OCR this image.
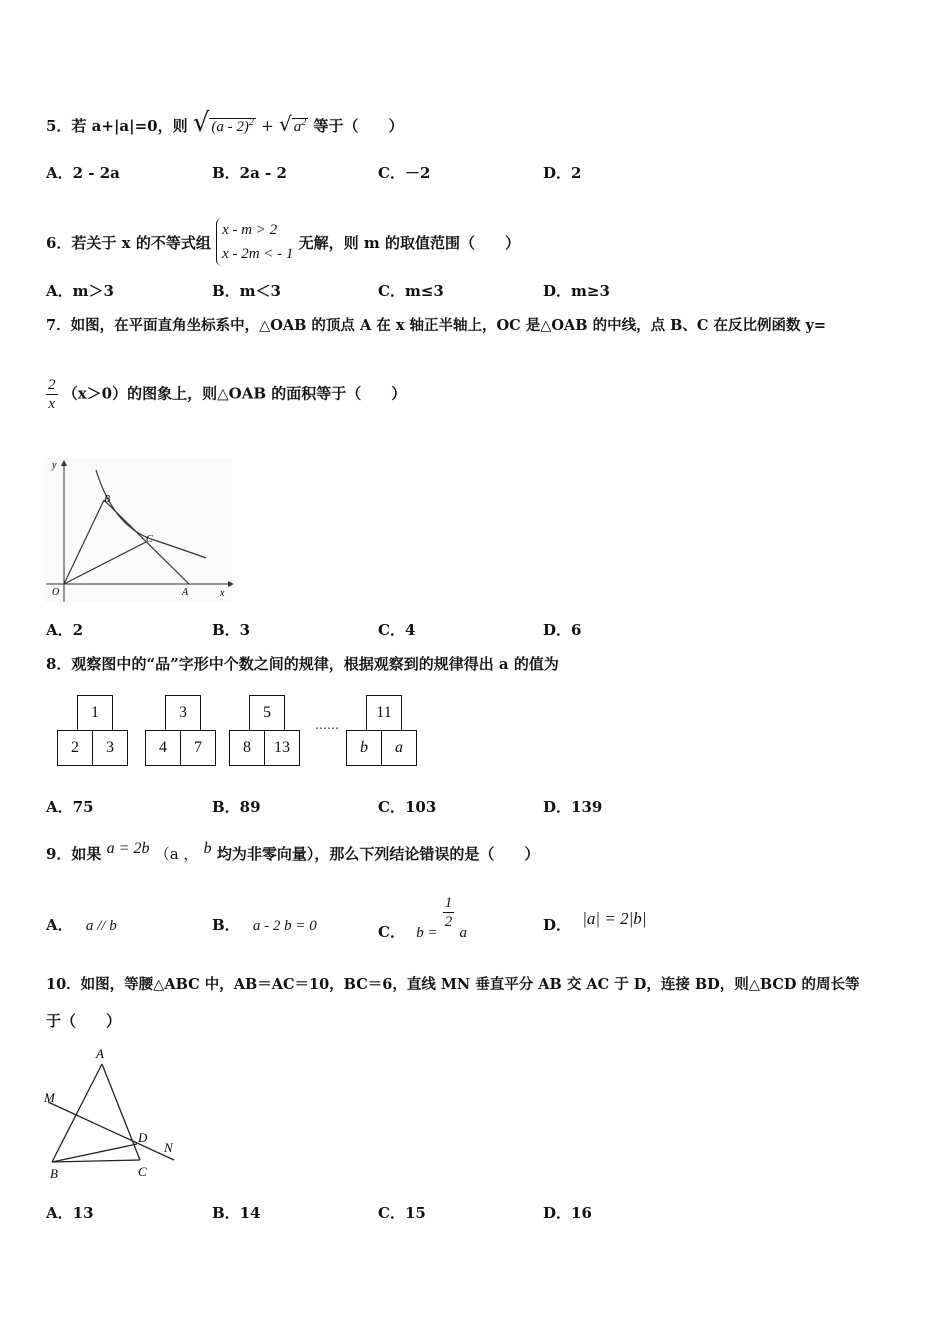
5．若 a+|a|=0，则 √ (a - 2)$^2$ + √ $a^2$ 等于（　　）
A．2 - 2a	B．2a - 2	C．－2	D．2
6．若关于 x 的不等式组
x - m > 2
x - 2m < - 1
无解，则 m 的取值范围（　　）
A．m＞3	B．m＜3	C．m≤3	D．m≥3
7．如图，在平面直角坐标系中，△OAB 的顶点 A 在 x 轴正半轴上，OC 是△OAB 的中线，点 B、C 在反比例函数 y=
$\frac{2}{x} (x>0)$的图象上，则△OAB 的面积等于（　　）
y
x
O	A
B
C
A．2	B．3	C．4	D．6
8．观察图中的“品”字形中个数之间的规律，根据观察到的规律得出 a 的值为
1
2	3
3
4	7
5
8	13
……
11
b	a
A．75	B．89	C．103	D．139
9．如果 a = 2b （a ， b 均为非零向量），那么下列结论错误的是（　　）
A． a // b	B． a - 2 b = 0	C． b =
$\frac{1}{2}$
a	D． |a| = 2|b|
10．如图，等腰△ABC 中，AB＝AC＝10，BC＝6，直线 MN 垂直平分 AB 交 AC 于 D，连接 BD，则△BCD 的周长等
于（　　）
A
M
D
N
B	C
A．13	B．14	C．15	D．16
